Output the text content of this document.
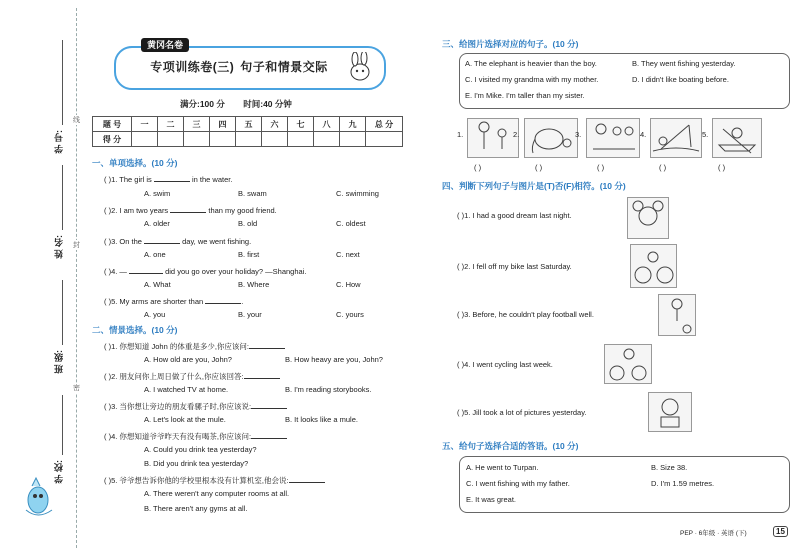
线
封
密
学 号:
姓 名:
班 级:
学 校:
黄冈名卷
专项训练卷(三) 句子和情景交际
满分:100 分 时间:40 分钟
题 号	一	二	三	四	五	六	七	八	九	总 分
得 分										
一、单项选择。(10 分)
( )1. The girl is	in the water.
A. swim	B. swam	C. swimming
( )2. I am two years	than my good friend.
A. older	B. old	C. oldest
( )3. On the	day, we went fishing.
A. one	B. first	C. next
( )4. —	did you go over your holiday? —Shanghai.
A. What	B. Where	C. How
( )5. My arms are shorter than	.
A. you	B. your	C. yours
二、情景选择。(10 分)
( )1. 你想知道 John 的体重是多少,你应该问:
A. How old are you, John?	B. How heavy are you, John?
( )2. 朋友问你上周日做了什么,你应该回答:
A. I watched TV at home.	B. I'm reading storybooks.
( )3. 当你想让旁边的朋友看骡子时,你应该说:
A. Let's look at the mule.	B. It looks like a mule.
( )4. 你想知道爷爷昨天有没有喝茶,你应该问:
A. Could you drink tea yesterday?
B. Did you drink tea yesterday?
( )5. 爷爷想告诉你他的学校里根本没有计算机室,他会说:
A. There weren't any computer rooms at all.
B. There aren't any gyms at all.
三、给图片选择对应的句子。(10 分)
A. The elephant is heavier than the boy.	B. They went fishing yesterday.
C. I visited my grandma with my mother.	D. I didn't like boating before.
E. I'm Mike. I'm taller than my sister.
1.	2.	3.	4.	5.
( )	( )	( )	( )	( )
四、判断下列句子与图片是(T)否(F)相符。(10 分)
( )1. I had a good dream last night.
( )2. I fell off my bike last Saturday.
( )3. Before, he couldn't play football well.
( )4. I went cycling last week.
( )5. Jill took a lot of pictures yesterday.
五、给句子选择合适的答语。(10 分)
A. He went to Turpan.	B. Size 38.
C. I went fishing with my father.	D. I'm 1.59 metres.
E. It was great.
PEP · 6年级 · 英语 (下)	15
